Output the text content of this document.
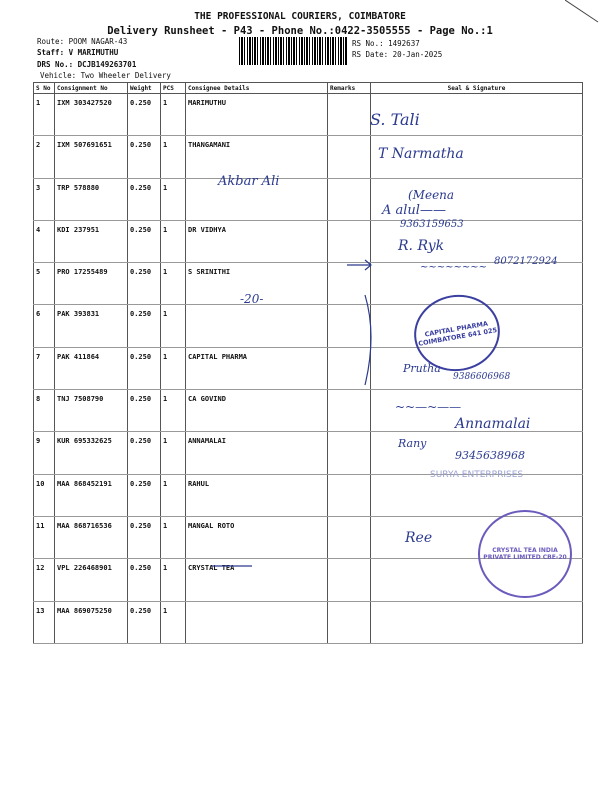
THE PROFESSIONAL COURIERS, COIMBATORE
Delivery Runsheet - P43 - Phone No.:0422-3505555 - Page No.:1
Route: POOM NAGAR-43
Staff: V MARIMUTHU
DRS No.: DCJB149263701
Vehicle: Two Wheeler Delivery
RS No.: 1492637
RS Date: 20-Jan-2025
S No	Consignment No	Weight	PCS	Consignee Details	Remarks	Seal & Signature
1	IXM 303427520	0.250	1	MARIMUTHU		
2	IXM 507691651	0.250	1	THANGAMANI		
3	TRP 578880	0.250	1			
4	KDI 237951	0.250	1	DR VIDHYA		
5	PRO 17255489	0.250	1	S SRINITHI		
6	PAK 393831	0.250	1			
7	PAK 411864	0.250	1	CAPITAL PHARMA		
8	TNJ 7508790	0.250	1	CA GOVIND		
9	KUR 695332625	0.250	1	ANNAMALAI		
10	MAA 868452191	0.250	1	RAHUL		
11	MAA 868716536	0.250	1	MANGAL ROTO		
12	VPL 226468901	0.250	1	CRYSTAL TEA		
13	MAA 869075250	0.250	1			
S. Tali
T Narmatha
Akbar Ali
(Meena
A alul——
9363159653
R. Ryk
8072172924
~~~~~~~~
-20-
Prutha
9386606968
Annamalai
~~—~——
Rany
9345638968
Ree
CAPITAL PHARMA COIMBATORE 641 025
CRYSTAL TEA INDIA PRIVATE LIMITED CBE-20
SURYA ENTERPRISES
